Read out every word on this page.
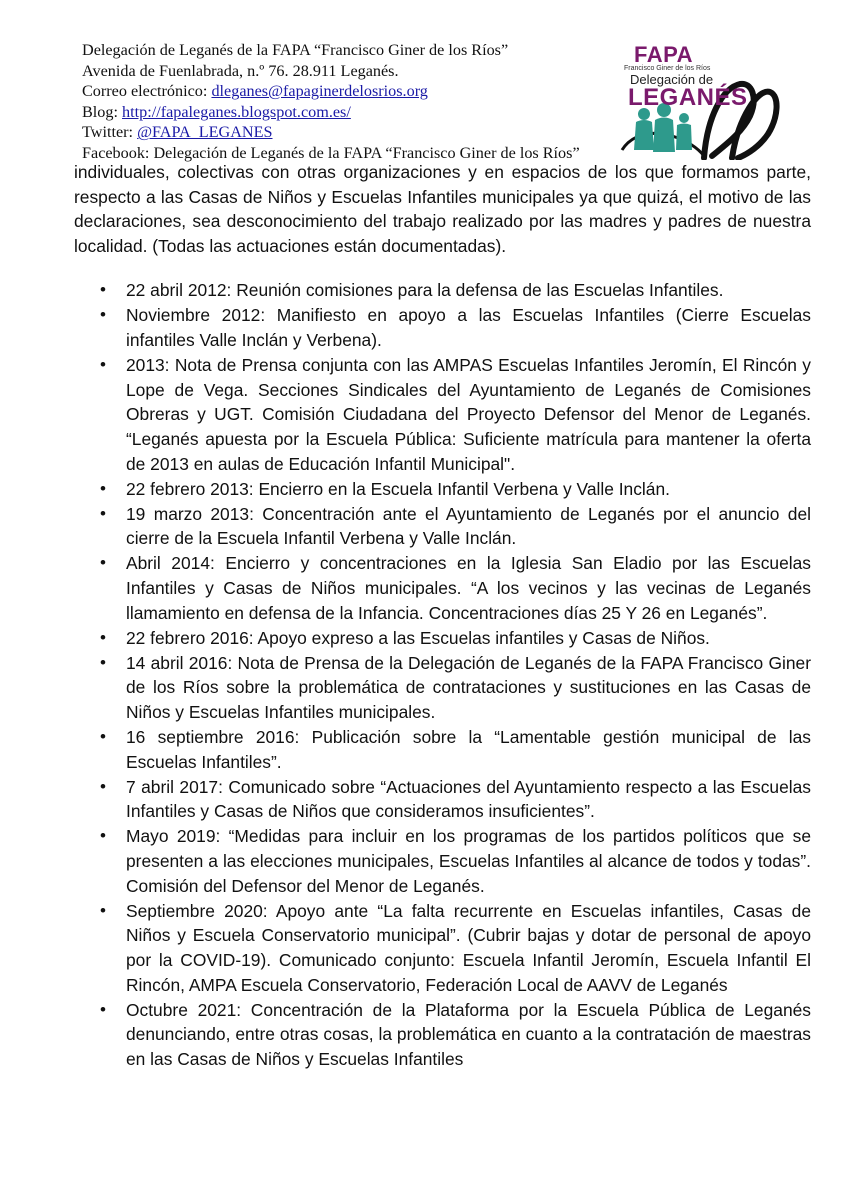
Delegación de Leganés de la FAPA “Francisco Giner de los Ríos”
Avenida de Fuenlabrada, n.º 76. 28.911 Leganés.
Correo electrónico: dleganes@fapaginerdelosrios.org
Blog: http://fapaleganes.blogspot.com.es/
Twitter: @FAPA_LEGANES
Facebook: Delegación de Leganés de la FAPA “Francisco Giner de los Ríos”
FAPA
Francisco Giner de los Ríos
Delegación de
LEGANÉS

individuales, colectivas con otras organizaciones y en espacios de los que formamos parte, respecto a las Casas de Niños y Escuelas Infantiles municipales ya que quizá, el motivo de las declaraciones, sea desconocimiento del trabajo realizado por las madres y padres de nuestra localidad. (Todas las actuaciones están documentadas).

• 22 abril 2012: Reunión comisiones para la defensa de las Escuelas Infantiles.
• Noviembre 2012: Manifiesto en apoyo a las Escuelas Infantiles (Cierre Escuelas infantiles Valle Inclán y Verbena).
• 2013: Nota de Prensa conjunta con las AMPAS Escuelas Infantiles Jeromín, El Rincón y Lope de Vega. Secciones Sindicales del Ayuntamiento de Leganés de Comisiones Obreras y UGT. Comisión Ciudadana del Proyecto Defensor del Menor de Leganés. “Leganés apuesta por la Escuela Pública: Suficiente matrícula para mantener la oferta de 2013 en aulas de Educación Infantil Municipal".
• 22 febrero 2013: Encierro en la Escuela Infantil Verbena y Valle Inclán.
• 19 marzo 2013: Concentración ante el Ayuntamiento de Leganés por el anuncio del cierre de la Escuela Infantil Verbena y Valle Inclán.
• Abril 2014: Encierro y concentraciones en la Iglesia San Eladio por las Escuelas Infantiles y Casas de Niños municipales. “A los vecinos y las vecinas de Leganés llamamiento en defensa de la Infancia. Concentraciones días 25 Y 26 en Leganés”.
• 22 febrero 2016: Apoyo expreso a las Escuelas infantiles y Casas de Niños.
• 14 abril 2016: Nota de Prensa de la Delegación de Leganés de la FAPA Francisco Giner de los Ríos sobre la problemática de contrataciones y sustituciones en las Casas de Niños y Escuelas Infantiles municipales.
• 16 septiembre 2016: Publicación sobre la “Lamentable gestión municipal de las Escuelas Infantiles”.
• 7 abril 2017: Comunicado sobre “Actuaciones del Ayuntamiento respecto a las Escuelas Infantiles y Casas de Niños que consideramos insuficientes”.
• Mayo 2019: “Medidas para incluir en los programas de los partidos políticos que se presenten a las elecciones municipales, Escuelas Infantiles al alcance de todos y todas”. Comisión del Defensor del Menor de Leganés.
• Septiembre 2020: Apoyo ante “La falta recurrente en Escuelas infantiles, Casas de Niños y Escuela Conservatorio municipal”. (Cubrir bajas y dotar de personal de apoyo por la COVID-19). Comunicado conjunto: Escuela Infantil Jeromín, Escuela Infantil El Rincón, AMPA Escuela Conservatorio, Federación Local de AAVV de Leganés
• Octubre 2021: Concentración de la Plataforma por la Escuela Pública de Leganés denunciando, entre otras cosas, la problemática en cuanto a la contratación de maestras en las Casas de Niños y Escuelas Infantiles
